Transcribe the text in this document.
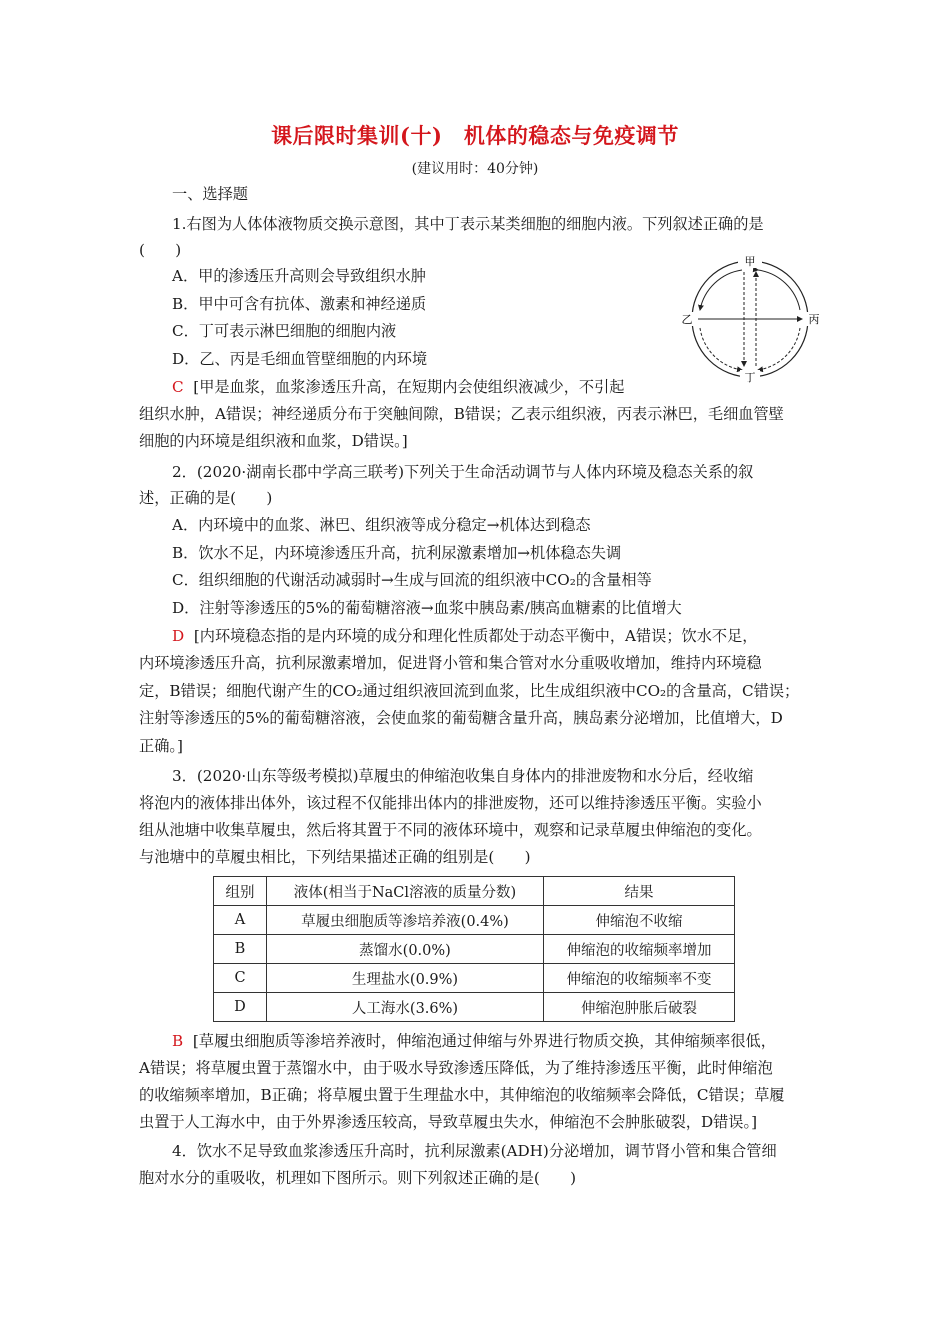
课后限时集训(十)　机体的稳态与免疫调节
(建议用时：40分钟)
一、选择题
1.右图为人体体液物质交换示意图，其中丁表示某类细胞的细胞内液。下列叙述正确的是
(　　)
A．甲的渗透压升高则会导致组织水肿
B．甲中可含有抗体、激素和神经递质
C．丁可表示淋巴细胞的细胞内液
D．乙、丙是毛细血管壁细胞的内环境
C [甲是血浆，血浆渗透压升高，在短期内会使组织液减少，不引起
组织水肿，A错误；神经递质分布于突触间隙，B错误；乙表示组织液，丙表示淋巴，毛细血管壁
细胞的内环境是组织液和血浆，D错误。]
甲
乙	丙
丁
2．(2020·湖南长郡中学高三联考)下列关于生命活动调节与人体内环境及稳态关系的叙
述，正确的是(　　)
A．内环境中的血浆、淋巴、组织液等成分稳定→机体达到稳态
B．饮水不足，内环境渗透压升高，抗利尿激素增加→机体稳态失调
C．组织细胞的代谢活动减弱时→生成与回流的组织液中CO₂的含量相等
D．注射等渗透压的5%的葡萄糖溶液→血浆中胰岛素/胰高血糖素的比值增大
D [内环境稳态指的是内环境的成分和理化性质都处于动态平衡中，A错误；饮水不足，
内环境渗透压升高，抗利尿激素增加，促进肾小管和集合管对水分重吸收增加，维持内环境稳
定，B错误；细胞代谢产生的CO₂通过组织液回流到血浆，比生成组织液中CO₂的含量高，C错误；
注射等渗透压的5%的葡萄糖溶液，会使血浆的葡萄糖含量升高，胰岛素分泌增加，比值增大，D
正确。]
3．(2020·山东等级考模拟)草履虫的伸缩泡收集自身体内的排泄废物和水分后，经收缩
将泡内的液体排出体外，该过程不仅能排出体内的排泄废物，还可以维持渗透压平衡。实验小
组从池塘中收集草履虫，然后将其置于不同的液体环境中，观察和记录草履虫伸缩泡的变化。
与池塘中的草履虫相比，下列结果描述正确的组别是(　　)
组别	液体(相当于NaCl溶液的质量分数)	结果
A	草履虫细胞质等渗培养液(0.4%)	伸缩泡不收缩
B	蒸馏水(0.0%)	伸缩泡的收缩频率增加
C	生理盐水(0.9%)	伸缩泡的收缩频率不变
D	人工海水(3.6%)	伸缩泡肿胀后破裂
B [草履虫细胞质等渗培养液时，伸缩泡通过伸缩与外界进行物质交换，其伸缩频率很低，
A错误；将草履虫置于蒸馏水中，由于吸水导致渗透压降低，为了维持渗透压平衡，此时伸缩泡
的收缩频率增加，B正确；将草履虫置于生理盐水中，其伸缩泡的收缩频率会降低，C错误；草履
虫置于人工海水中，由于外界渗透压较高，导致草履虫失水，伸缩泡不会肿胀破裂，D错误。]
4．饮水不足导致血浆渗透压升高时，抗利尿激素(ADH)分泌增加，调节肾小管和集合管细
胞对水分的重吸收，机理如下图所示。则下列叙述正确的是(　　)
